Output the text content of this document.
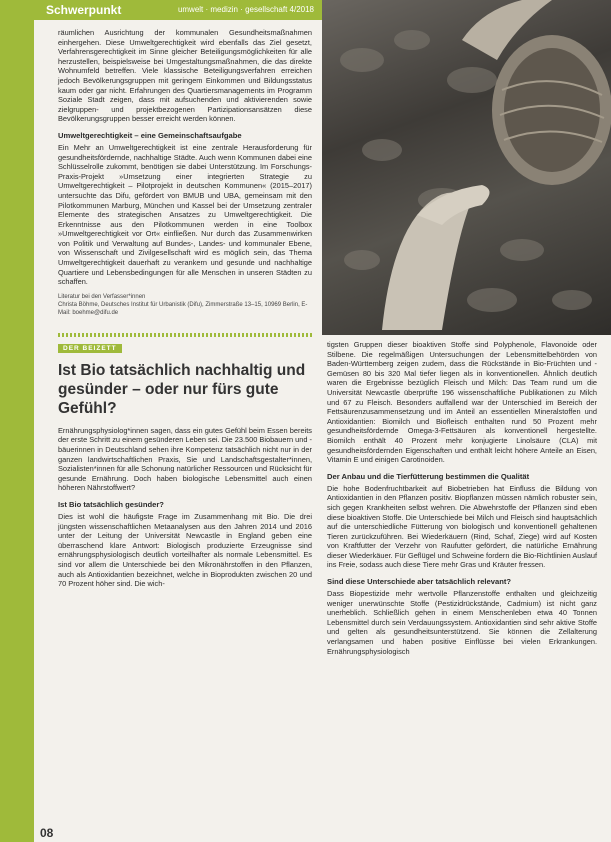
Schwerpunkt	umwelt · medizin · gesellschaft 4/2018

räumlichen Ausrichtung der kommunalen Gesundheitsmaßnahmen einhergehen. Diese Umweltgerechtigkeit wird ebenfalls das Ziel gesetzt, Verfahrensgerechtigkeit im Sinne gleicher Beteiligungsmöglichkeiten für alle herzustellen, beispielsweise bei Umgestaltungsmaßnahmen, die das direkte Wohnumfeld betreffen. Viele klassische Beteiligungsverfahren erreichen jedoch Bevölkerungsgruppen mit geringem Einkommen und Bildungsstatus kaum oder gar nicht. Erfahrungen des Quartiersmanagements im Programm Soziale Stadt zeigen, dass mit aufsuchenden und aktivierenden sowie zielgruppen- und projektbezogenen Partizipationsansätzen diese Bevölkerungsgruppen besser erreicht werden können.

Umweltgerechtigkeit – eine Gemeinschaftsaufgabe

Ein Mehr an Umweltgerechtigkeit ist eine zentrale Herausforderung für gesundheitsfördernde, nachhaltige Städte. Auch wenn Kommunen dabei eine Schlüsselrolle zukommt, benötigen sie dabei Unterstützung. Im Forschungs-Praxis-Projekt »Umsetzung einer integrierten Strategie zu Umweltgerechtigkeit – Pilotprojekt in deutschen Kommunen« (2015–2017) untersuchte das Difu, gefördert von BMUB und UBA, gemeinsam mit den Pilotkommunen Marburg, München und Kassel bei der Umsetzung zentraler Elemente des strategischen Ansatzes zu Umweltgerechtigkeit. Die Erkenntnisse aus den Pilotkommunen werden in eine Toolbox »Umweltgerechtigkeit vor Ort« einfließen. Nur durch das Zusammenwirken von Politik und Verwaltung auf Bundes-, Landes- und kommunaler Ebene, von Wissenschaft und Zivilgesellschaft wird es möglich sein, das Thema Umweltgerechtigkeit dauerhaft zu verankern und gesunde und nachhaltige Quartiere und Lebensbedingungen für alle Menschen in unseren Städten zu schaffen.

Literatur bei den Verfasser*innen
Christa Böhme, Deutsches Institut für Urbanistik (Difu), Zimmerstraße 13–15, 10969 Berlin, E-Mail: boehme@difu.de
DER BEIZETT
Ist Bio tatsächlich nachhaltig und gesünder – oder nur fürs gute Gefühl?

Ernährungsphysiolog*innen sagen, dass ein gutes Gefühl beim Essen bereits der erste Schritt zu einem gesünderen Leben sei. Die 23.500 Biobauern und -bäuerinnen in Deutschland sehen ihre Kompetenz tatsächlich nicht nur in der ganzen landwirtschaftlichen Praxis, Sie und Landschaftsgestalter*innen, Sozialisten*innen für alle Schonung natürlicher Ressourcen und Rücksicht für gesunde Ernährung. Doch haben biologische Lebensmittel auch einen höheren Nährstoffwert?

Ist Bio tatsächlich gesünder?

Dies ist wohl die häufigste Frage im Zusammenhang mit Bio. Die drei jüngsten wissenschaftlichen Metaanalysen aus den Jahren 2014 und 2016 unter der Leitung der Universität Newcastle in England geben eine überraschend klare Antwort: Biologisch produzierte Erzeugnisse sind ernährungsphysiologisch deutlich vorteilhafter als normale Lebensmittel. Es sind vor allem die Unterschiede bei den Mikronährstoffen in den Pflanzen, auch als Antioxidantien bezeichnet, welche in Bioprodukten zwischen 20 und 70 Prozent höher sind. Die wich-

tigsten Gruppen dieser bioaktiven Stoffe sind Polyphenole, Flavonoide oder Stilbene. Die regelmäßigen Untersuchungen der Lebensmittelbehörden von Baden-Württemberg zeigen zudem, dass die Rückstände in Bio-Früchten und -Gemüsen 80 bis 320 Mal tiefer liegen als in konventionellen. Ähnlich deutlich waren die Ergebnisse bezüglich Fleisch und Milch: Das Team rund um die Universität Newcastle überprüfte 196 wissenschaftliche Publikationen zu Milch und 67 zu Fleisch. Besonders auffallend war der Unterschied im Bereich der Fettsäurenzusammensetzung und im Anteil an essentiellen Mineralstoffen und Antioxidantien: Biomilch und Biofleisch enthalten rund 50 Prozent mehr gesundheitsfördernde Omega-3-Fettsäuren als konventionell hergestellte. Biomilch enthält 40 Prozent mehr konjugierte Linolsäure (CLA) mit gesundheitsfördernden Eigenschaften und enthält leicht höhere Anteile an Eisen, Vitamin E und einigen Carotinoiden.

Der Anbau und die Tierfütterung bestimmen die Qualität

Die hohe Bodenfruchtbarkeit auf Biobetrieben hat Einfluss die Bildung von Antioxidantien in den Pflanzen positiv. Biopflanzen müssen nämlich robuster sein, sich gegen Krankheiten selbst wehren. Die Abwehrstoffe der Pflanzen sind eben diese bioaktiven Stoffe. Die Unterschiede bei Milch und Fleisch sind hauptsächlich auf die unterschiedliche Fütterung von biologisch und konventionell gehaltenen Tieren zurückzuführen. Bei Wiederkäuern (Rind, Schaf, Ziege) wird auf Kosten von Kraftfutter der Verzehr von Raufutter gefördert, die natürliche Ernährung dieser Wiederkäuer. Für Geflügel und Schweine fordern die Bio-Richtlinien Auslauf ins Freie, sodass auch diese Tiere mehr Gras und Kräuter fressen.

Sind diese Unterschiede aber tatsächlich relevant?

Dass Biopestizide mehr wertvolle Pflanzenstoffe enthalten und gleichzeitig weniger unerwünschte Stoffe (Pestizidrückstände, Cadmium) ist nicht ganz unerheblich. Schließlich gehen in einem Menschenleben etwa 40 Tonnen Lebensmittel durch sein Verdauungssystem. Antioxidantien sind sehr aktive Stoffe und gelten als gesundheitsunterstützend. Sie können die Zellalterung verlangsamen und haben positive Einflüsse bei vielen Erkrankungen. Ernährungsphysiologisch

08
